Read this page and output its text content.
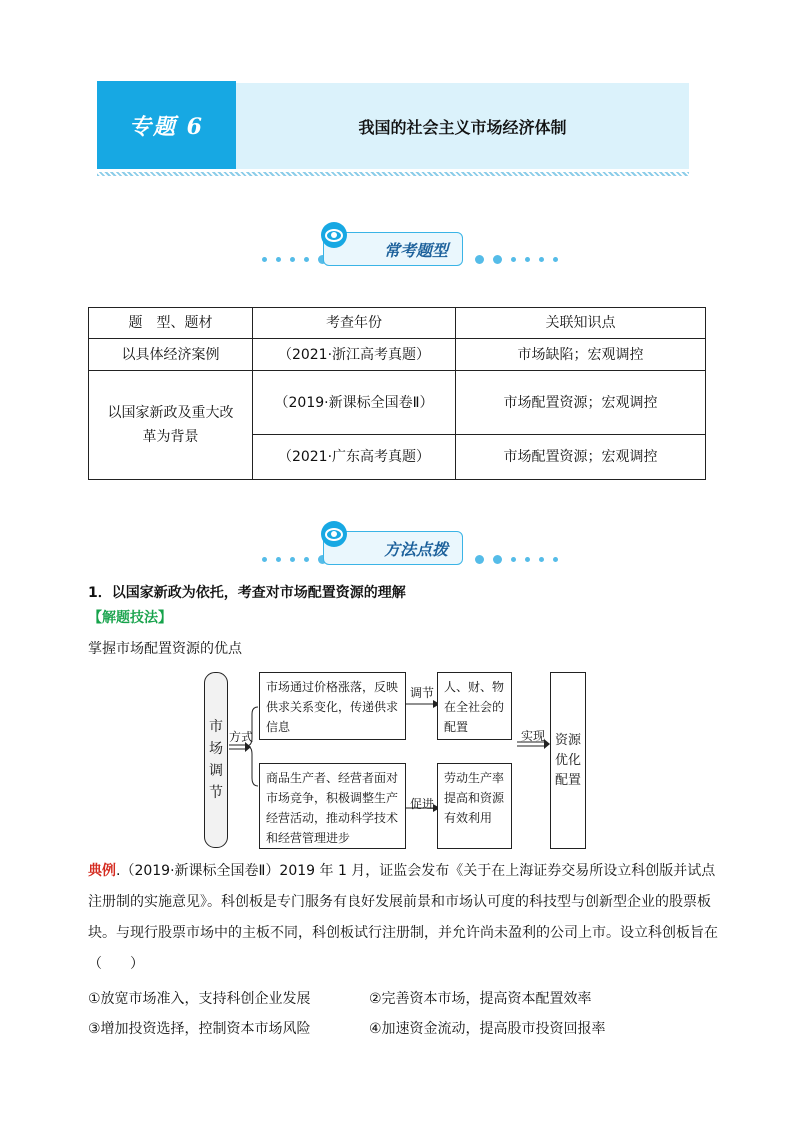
专题 6	我国的社会主义市场经济体制
常考题型
题　型、题材	考查年份	关联知识点
以具体经济案例	（2021·浙江高考真题）	市场缺陷；宏观调控
以国家新政及重大改革为背景	（2019·新课标全国卷Ⅱ）	市场配置资源；宏观调控
	（2021·广东高考真题）	市场配置资源；宏观调控
方法点拨
1．以国家新政为依托，考查对市场配置资源的理解
【解题技法】
掌握市场配置资源的优点
市
场
调
节
方式
市场通过价格涨落，反映供求关系变化，传递供求信息
商品生产者、经营者面对市场竞争，积极调整生产经营活动，推动科学技术和经营管理进步
调节
促进
人、财、物在全社会的配置
劳动生产率提高和资源有效利用
实现 资源
优化
配置
典例.（2019·新课标全国卷Ⅱ）2019 年 1 月，证监会发布《关于在上海证券交易所设立科创版并试点注册制的实施意见》。科创板是专门服务有良好发展前景和市场认可度的科技型与创新型企业的股票板块。与现行股票市场中的主板不同，科创板试行注册制，并允许尚未盈利的公司上市。设立科创板旨在（　　）
①放宽市场准入，支持科创企业发展	②完善资本市场，提高资本配置效率
③增加投资选择，控制资本市场风险	④加速资金流动，提高股市投资回报率
